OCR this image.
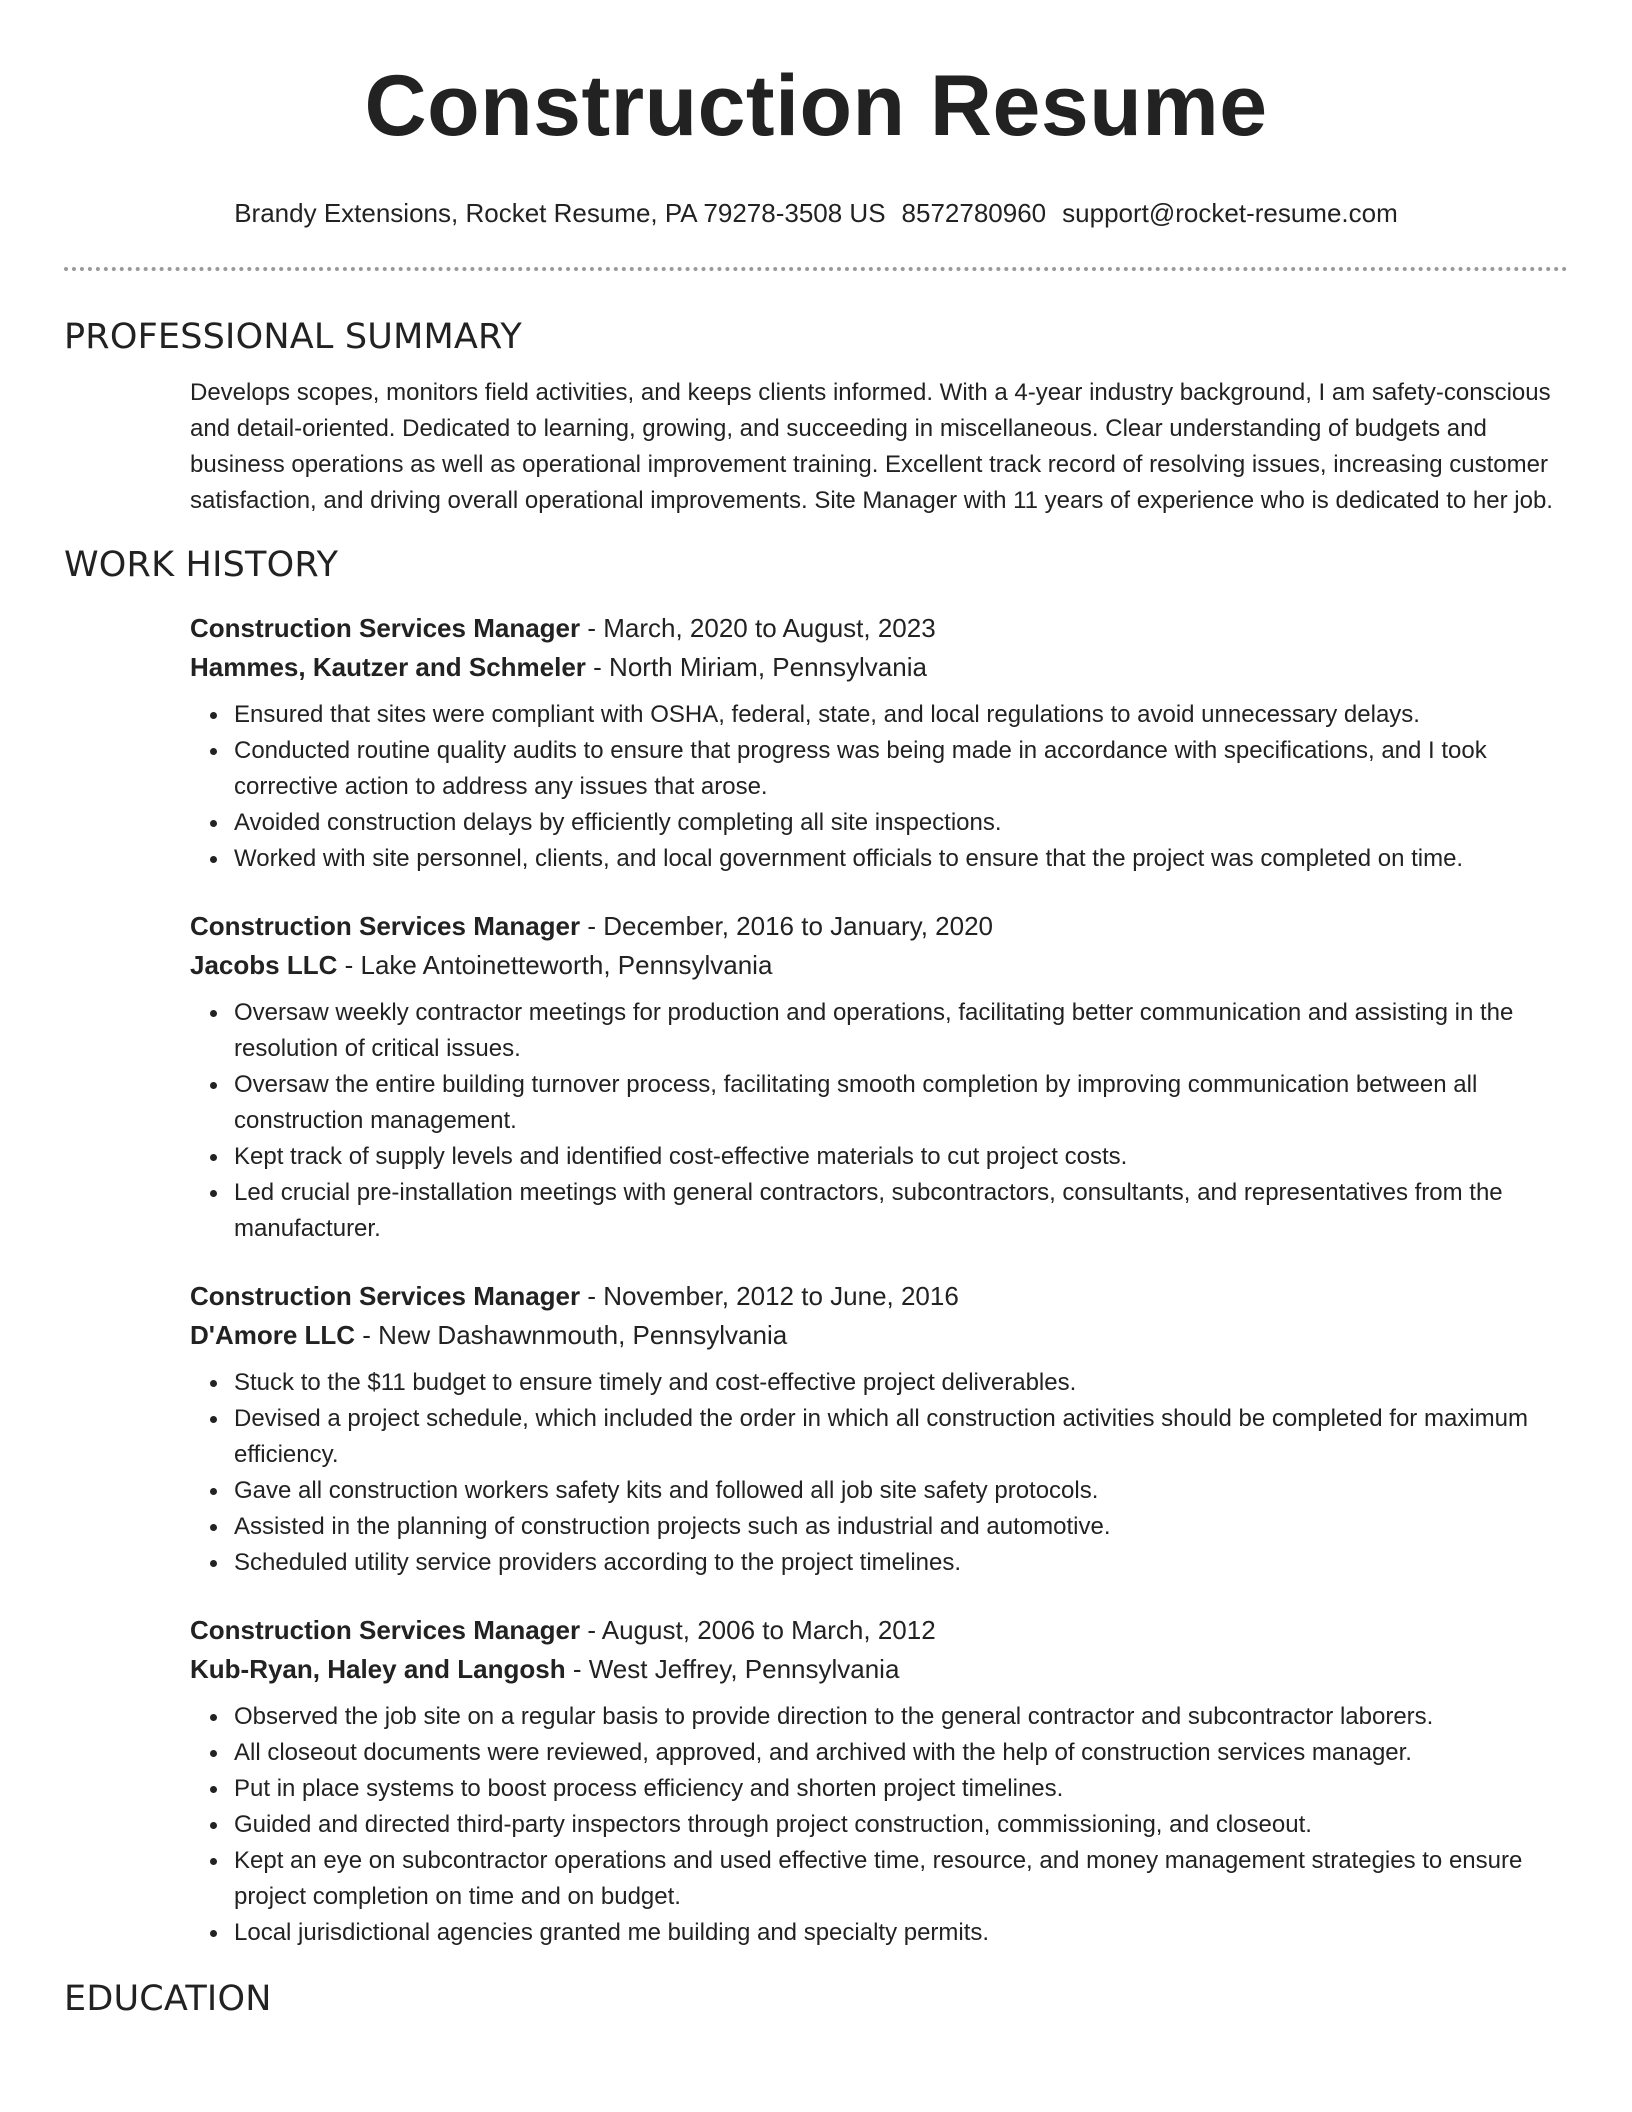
Construction Resume
Brandy Extensions, Rocket Resume, PA 79278-3508 US 8572780960 support@rocket-resume.com
PROFESSIONAL SUMMARY

Develops scopes, monitors field activities, and keeps clients informed. With a 4-year industry background, I am safety-conscious and detail-oriented. Dedicated to learning, growing, and succeeding in miscellaneous. Clear understanding of budgets and business operations as well as operational improvement training. Excellent track record of resolving issues, increasing customer satisfaction, and driving overall operational improvements. Site Manager with 11 years of experience who is dedicated to her job.

WORK HISTORY
Construction Services Manager - March, 2020 to August, 2023
Hammes, Kautzer and Schmeler - North Miriam, Pennsylvania
Ensured that sites were compliant with OSHA, federal, state, and local regulations to avoid unnecessary delays.
Conducted routine quality audits to ensure that progress was being made in accordance with specifications, and I took corrective action to address any issues that arose.
Avoided construction delays by efficiently completing all site inspections.
Worked with site personnel, clients, and local government officials to ensure that the project was completed on time.
Construction Services Manager - December, 2016 to January, 2020
Jacobs LLC - Lake Antoinetteworth, Pennsylvania
Oversaw weekly contractor meetings for production and operations, facilitating better communication and assisting in the resolution of critical issues.
Oversaw the entire building turnover process, facilitating smooth completion by improving communication between all construction management.
Kept track of supply levels and identified cost-effective materials to cut project costs.
Led crucial pre-installation meetings with general contractors, subcontractors, consultants, and representatives from the manufacturer.
Construction Services Manager - November, 2012 to June, 2016
D'Amore LLC - New Dashawnmouth, Pennsylvania
Stuck to the $11 budget to ensure timely and cost-effective project deliverables.
Devised a project schedule, which included the order in which all construction activities should be completed for maximum efficiency.
Gave all construction workers safety kits and followed all job site safety protocols.
Assisted in the planning of construction projects such as industrial and automotive.
Scheduled utility service providers according to the project timelines.
Construction Services Manager - August, 2006 to March, 2012
Kub-Ryan, Haley and Langosh - West Jeffrey, Pennsylvania
Observed the job site on a regular basis to provide direction to the general contractor and subcontractor laborers.
All closeout documents were reviewed, approved, and archived with the help of construction services manager.
Put in place systems to boost process efficiency and shorten project timelines.
Guided and directed third-party inspectors through project construction, commissioning, and closeout.
Kept an eye on subcontractor operations and used effective time, resource, and money management strategies to ensure project completion on time and on budget.
Local jurisdictional agencies granted me building and specialty permits.
EDUCATION
